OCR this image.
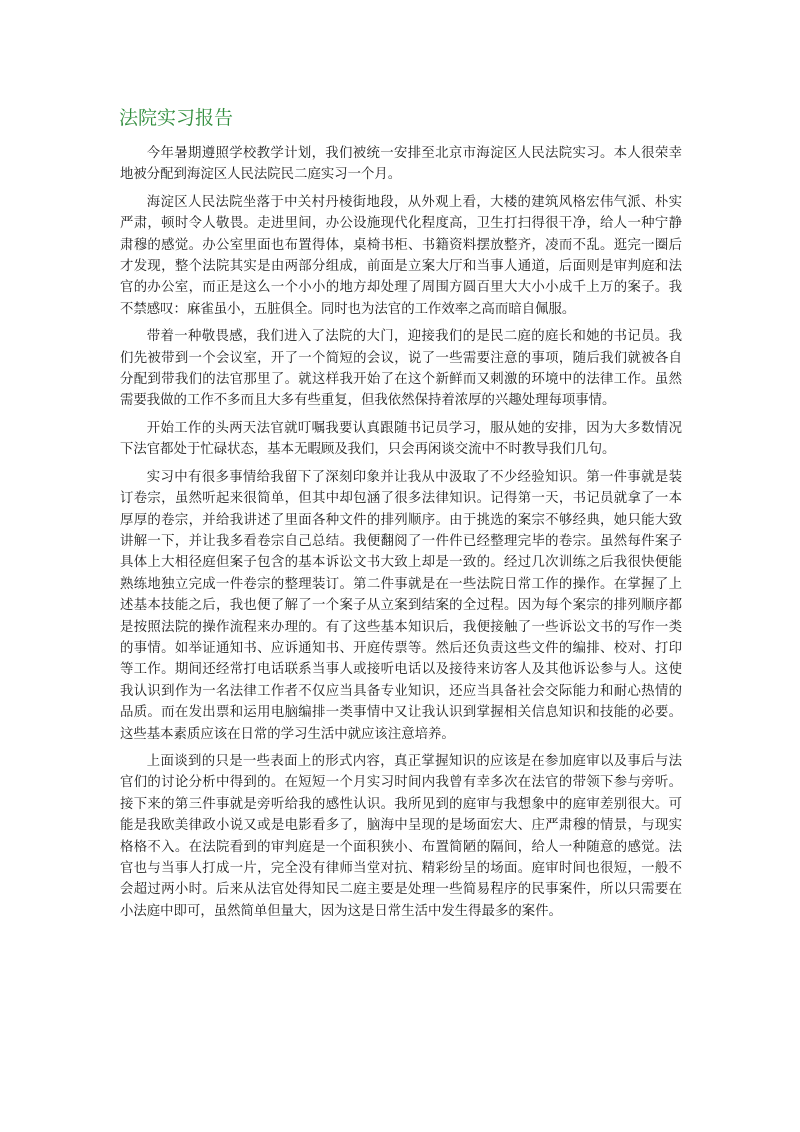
法院实习报告

今年暑期遵照学校教学计划，我们被统一安排至北京市海淀区人民法院实习。本人很荣幸地被分配到海淀区人民法院民二庭实习一个月。

海淀区人民法院坐落于中关村丹棱街地段，从外观上看，大楼的建筑风格宏伟气派、朴实严肃，顿时令人敬畏。走进里间，办公设施现代化程度高，卫生打扫得很干净，给人一种宁静肃穆的感觉。办公室里面也布置得体，桌椅书柜、书籍资料摆放整齐，凌而不乱。逛完一圈后才发现，整个法院其实是由两部分组成，前面是立案大厅和当事人通道，后面则是审判庭和法官的办公室，而正是这么一个小小的地方却处理了周围方圆百里大大小小成千上万的案子。我不禁感叹：麻雀虽小，五脏俱全。同时也为法官的工作效率之高而暗自佩服。

带着一种敬畏感，我们进入了法院的大门，迎接我们的是民二庭的庭长和她的书记员。我们先被带到一个会议室，开了一个简短的会议，说了一些需要注意的事项，随后我们就被各自分配到带我们的法官那里了。就这样我开始了在这个新鲜而又刺激的环境中的法律工作。虽然需要我做的工作不多而且大多有些重复，但我依然保持着浓厚的兴趣处理每项事情。

开始工作的头两天法官就叮嘱我要认真跟随书记员学习，服从她的安排，因为大多数情况下法官都处于忙碌状态，基本无暇顾及我们，只会再闲谈交流中不时教导我们几句。

实习中有很多事情给我留下了深刻印象并让我从中汲取了不少经验知识。第一件事就是装订卷宗，虽然听起来很简单，但其中却包涵了很多法律知识。记得第一天，书记员就拿了一本厚厚的卷宗，并给我讲述了里面各种文件的排列顺序。由于挑选的案宗不够经典，她只能大致讲解一下，并让我多看卷宗自己总结。我便翻阅了一件件已经整理完毕的卷宗。虽然每件案子具体上大相径庭但案子包含的基本诉讼文书大致上却是一致的。经过几次训练之后我很快便能熟练地独立完成一件卷宗的整理装订。第二件事就是在一些法院日常工作的操作。在掌握了上述基本技能之后，我也便了解了一个案子从立案到结案的全过程。因为每个案宗的排列顺序都是按照法院的操作流程来办理的。有了这些基本知识后，我便接触了一些诉讼文书的写作一类的事情。如举证通知书、应诉通知书、开庭传票等。然后还负责这些文件的编排、校对、打印等工作。期间还经常打电话联系当事人或接听电话以及接待来访客人及其他诉讼参与人。这使我认识到作为一名法律工作者不仅应当具备专业知识，还应当具备社会交际能力和耐心热情的品质。而在发出票和运用电脑编排一类事情中又让我认识到掌握相关信息知识和技能的必要。这些基本素质应该在日常的学习生活中就应该注意培养。

上面谈到的只是一些表面上的形式内容，真正掌握知识的应该是在参加庭审以及事后与法官们的讨论分析中得到的。在短短一个月实习时间内我曾有幸多次在法官的带领下参与旁听。接下来的第三件事就是旁听给我的感性认识。我所见到的庭审与我想象中的庭审差别很大。可能是我欧美律政小说又或是电影看多了，脑海中呈现的是场面宏大、庄严肃穆的情景，与现实格格不入。在法院看到的审判庭是一个面积狭小、布置简陋的隔间，给人一种随意的感觉。法官也与当事人打成一片，完全没有律师当堂对抗、精彩纷呈的场面。庭审时间也很短，一般不会超过两小时。后来从法官处得知民二庭主要是处理一些简易程序的民事案件，所以只需要在小法庭中即可，虽然简单但量大，因为这是日常生活中发生得最多的案件。
